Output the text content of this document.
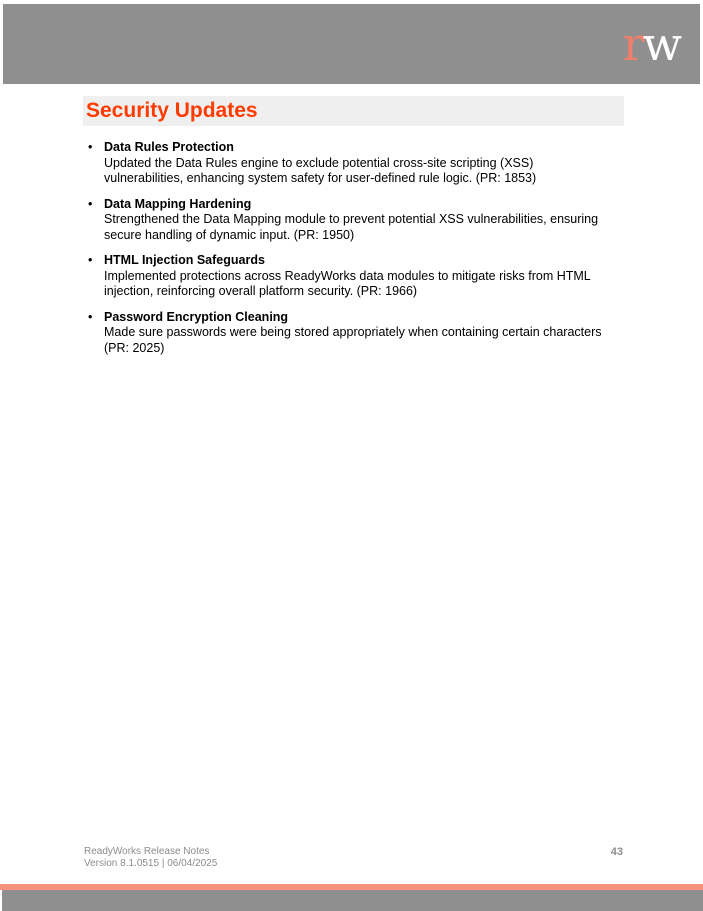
rw
Security Updates
• Data Rules Protection
Updated the Data Rules engine to exclude potential cross-site scripting (XSS) vulnerabilities, enhancing system safety for user-defined rule logic. (PR: 1853)
• Data Mapping Hardening
Strengthened the Data Mapping module to prevent potential XSS vulnerabilities, ensuring secure handling of dynamic input. (PR: 1950)
• HTML Injection Safeguards
Implemented protections across ReadyWorks data modules to mitigate risks from HTML injection, reinforcing overall platform security. (PR: 1966)
• Password Encryption Cleaning
Made sure passwords were being stored appropriately when containing certain characters (PR: 2025)
ReadyWorks Release Notes
Version 8.1.0515 | 06/04/2025
43
